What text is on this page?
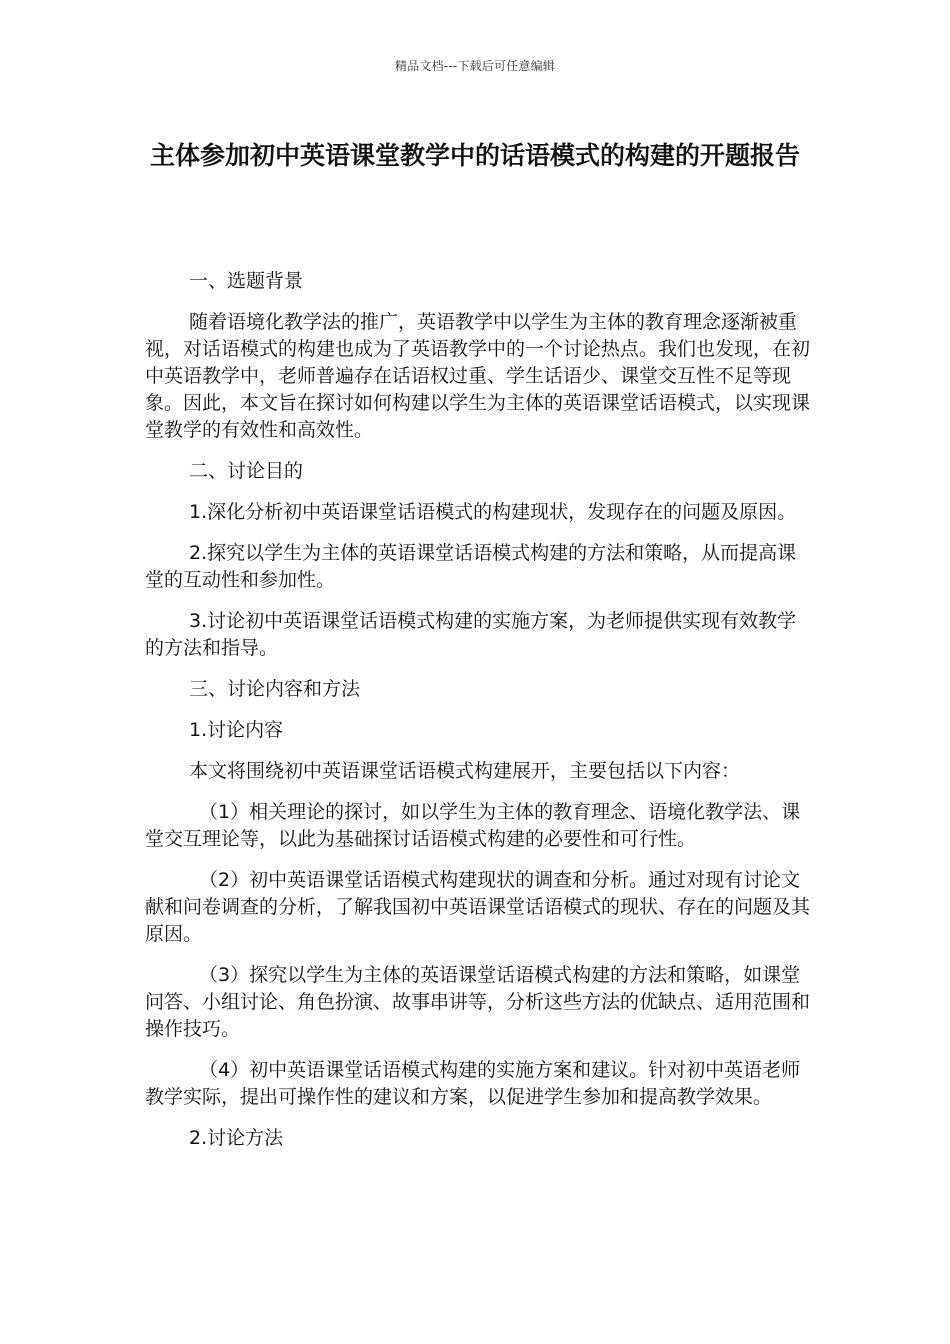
精品文档---下载后可任意编辑
主体参加初中英语课堂教学中的话语模式的构建的开题报告

一、选题背景

随着语境化教学法的推广，英语教学中以学生为主体的教育理念逐渐被重视，对话语模式的构建也成为了英语教学中的一个讨论热点。我们也发现，在初中英语教学中，老师普遍存在话语权过重、学生话语少、课堂交互性不足等现象。因此，本文旨在探讨如何构建以学生为主体的英语课堂话语模式，以实现课堂教学的有效性和高效性。

二、讨论目的

1.深化分析初中英语课堂话语模式的构建现状，发现存在的问题及原因。

2.探究以学生为主体的英语课堂话语模式构建的方法和策略，从而提高课堂的互动性和参加性。

3.讨论初中英语课堂话语模式构建的实施方案，为老师提供实现有效教学的方法和指导。

三、讨论内容和方法

1.讨论内容

本文将围绕初中英语课堂话语模式构建展开，主要包括以下内容：

（1）相关理论的探讨，如以学生为主体的教育理念、语境化教学法、课堂交互理论等，以此为基础探讨话语模式构建的必要性和可行性。

（2）初中英语课堂话语模式构建现状的调查和分析。通过对现有讨论文献和问卷调查的分析，了解我国初中英语课堂话语模式的现状、存在的问题及其原因。

（3）探究以学生为主体的英语课堂话语模式构建的方法和策略，如课堂问答、小组讨论、角色扮演、故事串讲等，分析这些方法的优缺点、适用范围和操作技巧。

（4）初中英语课堂话语模式构建的实施方案和建议。针对初中英语老师教学实际，提出可操作性的建议和方案，以促进学生参加和提高教学效果。

2.讨论方法
